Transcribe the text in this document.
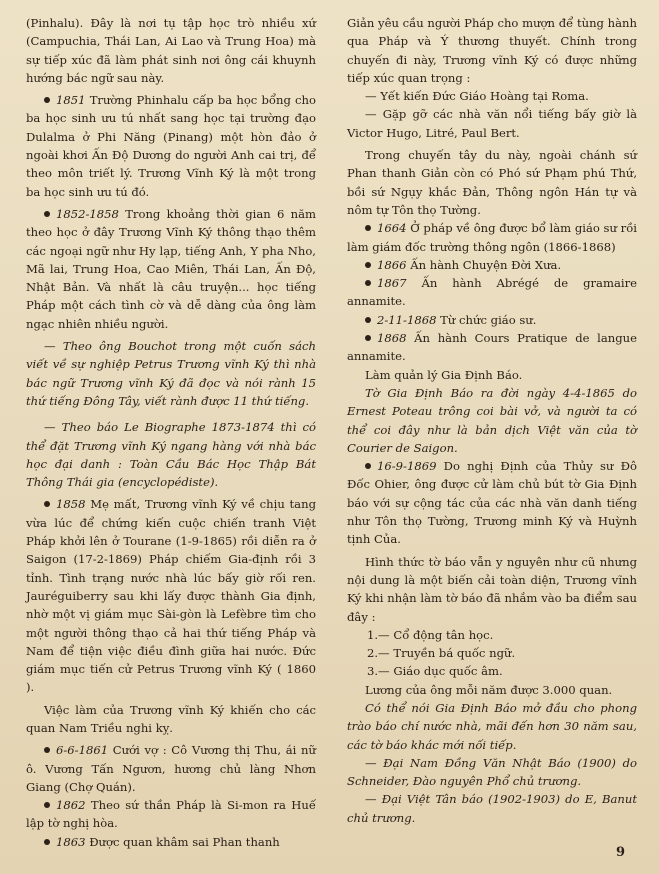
(Pinhalu). Đây là nơi tụ tập học trò nhiều xứ (Campuchia, Thái Lan, Ai Lao và Trung Hoa) mà sự tiếp xúc đã làm phát sinh nơi ông cái khuynh hướng bác ngữ sau này.

1851 Trường Phinhalu cấp ba học bổng cho ba học sinh ưu tú nhất sang học tại trường đạo Dulalma ở Phi Năng (Pinang) một hòn đảo ở ngoài khơi Ấn Độ Dương do người Anh cai trị, để theo môn triết lý. Trương Vĩnh Ký là một trong ba học sinh ưu tú đó.

1852-1858 Trong khoảng thời gian 6 năm theo học ở đây Trương Vĩnh Ký thông thạo thêm các ngoại ngữ như Hy lạp, tiếng Anh, Y pha Nho, Mã lai, Trung Hoa, Cao Miên, Thái Lan, Ấn Độ, Nhật Bản. Và nhất là câu truyện... học tiếng Pháp một cách tình cờ và dễ dàng của ông làm ngạc nhiên nhiều người.

— Theo ông Bouchot trong một cuốn sách viết về sự nghiệp Petrus Trương vĩnh Ký thì nhà bác ngữ Trương vĩnh Ký đã đọc và nói rành 15 thứ tiếng Đông Tây, viết rành được 11 thứ tiếng.

— Theo báo Le Biographe 1873-1874 thì có thể đặt Trương vĩnh Ký ngang hàng với nhà bác học đại danh : Toàn Cầu Bác Học Thập Bát Thông Thái gia (encyclopédiste).

1858 Mẹ mất, Trương vĩnh Ký về chịu tang vừa lúc để chứng kiến cuộc chiến tranh Việt Pháp khởi lên ở Tourane (1-9-1865) rồi diễn ra ở Saigon (17-2-1869) Pháp chiếm Gia-định rồi 3 tỉnh. Tình trạng nước nhà lúc bấy giờ rối ren. Jauréguiberry sau khi lấy được thành Gia định, nhờ một vị giám mục Sài-gòn là Lefèbre tìm cho một người thông thạo cả hai thứ tiếng Pháp và Nam để tiện việc điều đình giữa hai nước. Đức giám mục tiến cử Petrus Trương vĩnh Ký ( 1860 ).

Việc làm của Trương vĩnh Ký khiến cho các quan Nam Triều nghi kỵ.

6-6-1861 Cưới vợ : Cô Vương thị Thu, ái nữ ô. Vương Tấn Ngươn, hương chủ làng Nhơn Giang (Chợ Quán).

1862 Theo sứ thần Pháp là Si-mon ra Huế lập tờ nghị hòa.

1863 Được quan khâm sai Phan thanh

Giản yêu cầu người Pháp cho mượn để tùng hành qua Pháp và Ý thương thuyết. Chính trong chuyến đi này, Trương vĩnh Ký có được những tiếp xúc quan trọng :

— Yết kiến Đức Giáo Hoàng tại Roma.

— Gặp gỡ các nhà văn nổi tiếng bấy giờ là Victor Hugo, Litré, Paul Bert.

Trong chuyến tây du này, ngoài chánh sứ Phan thanh Giản còn có Phó sứ Phạm phú Thứ, bồi sứ Ngụy khắc Đản, Thông ngôn Hán tự và nôm tự Tôn thọ Tường.

1664 Ở pháp về ông được bổ làm giáo sư rồi làm giám đốc trường thông ngôn (1866-1868)

1866 Ấn hành Chuyện Đời Xưa.

1867 Ấn hành Abrégé de gramaire annamite.

2-11-1868 Từ chức giáo sư.

1868 Ấn hành Cours Pratique de langue annamite.

Làm quản lý Gia Định Báo.

Tờ Gia Định Báo ra đời ngày 4-4-1865 do Ernest Poteau trông coi bài vở, và người ta có thể coi đây như là bản dịch Việt văn của tờ Courier de Saigon.

16-9-1869 Do nghị Định của Thủy sư Đô Đốc Ohier, ông được cử làm chủ bút tờ Gia Định báo với sự cộng tác của các nhà văn danh tiếng như Tôn thọ Tường, Trương minh Ký và Huỳnh tịnh Của.

Hình thức tờ báo vẫn y nguyên như cũ nhưng nội dung là một biến cải toàn diện, Trương vĩnh Ký khi nhận làm tờ báo đã nhắm vào ba điểm sau đây :

1.— Cổ động tân học.
2.— Truyền bá quốc ngữ.
3.— Giáo dục quốc âm.

Lương của ông mỗi năm được 3.000 quan.

Có thể nói Gia Định Báo mở đầu cho phong trào báo chí nước nhà, mãi đến hơn 30 năm sau, các tờ báo khác mới nối tiếp.

— Đại Nam Đồng Văn Nhật Báo (1900) do Schneider, Đào nguyên Phổ chủ trương.

— Đại Việt Tân báo (1902-1903) do E, Banut chủ trương.

9
